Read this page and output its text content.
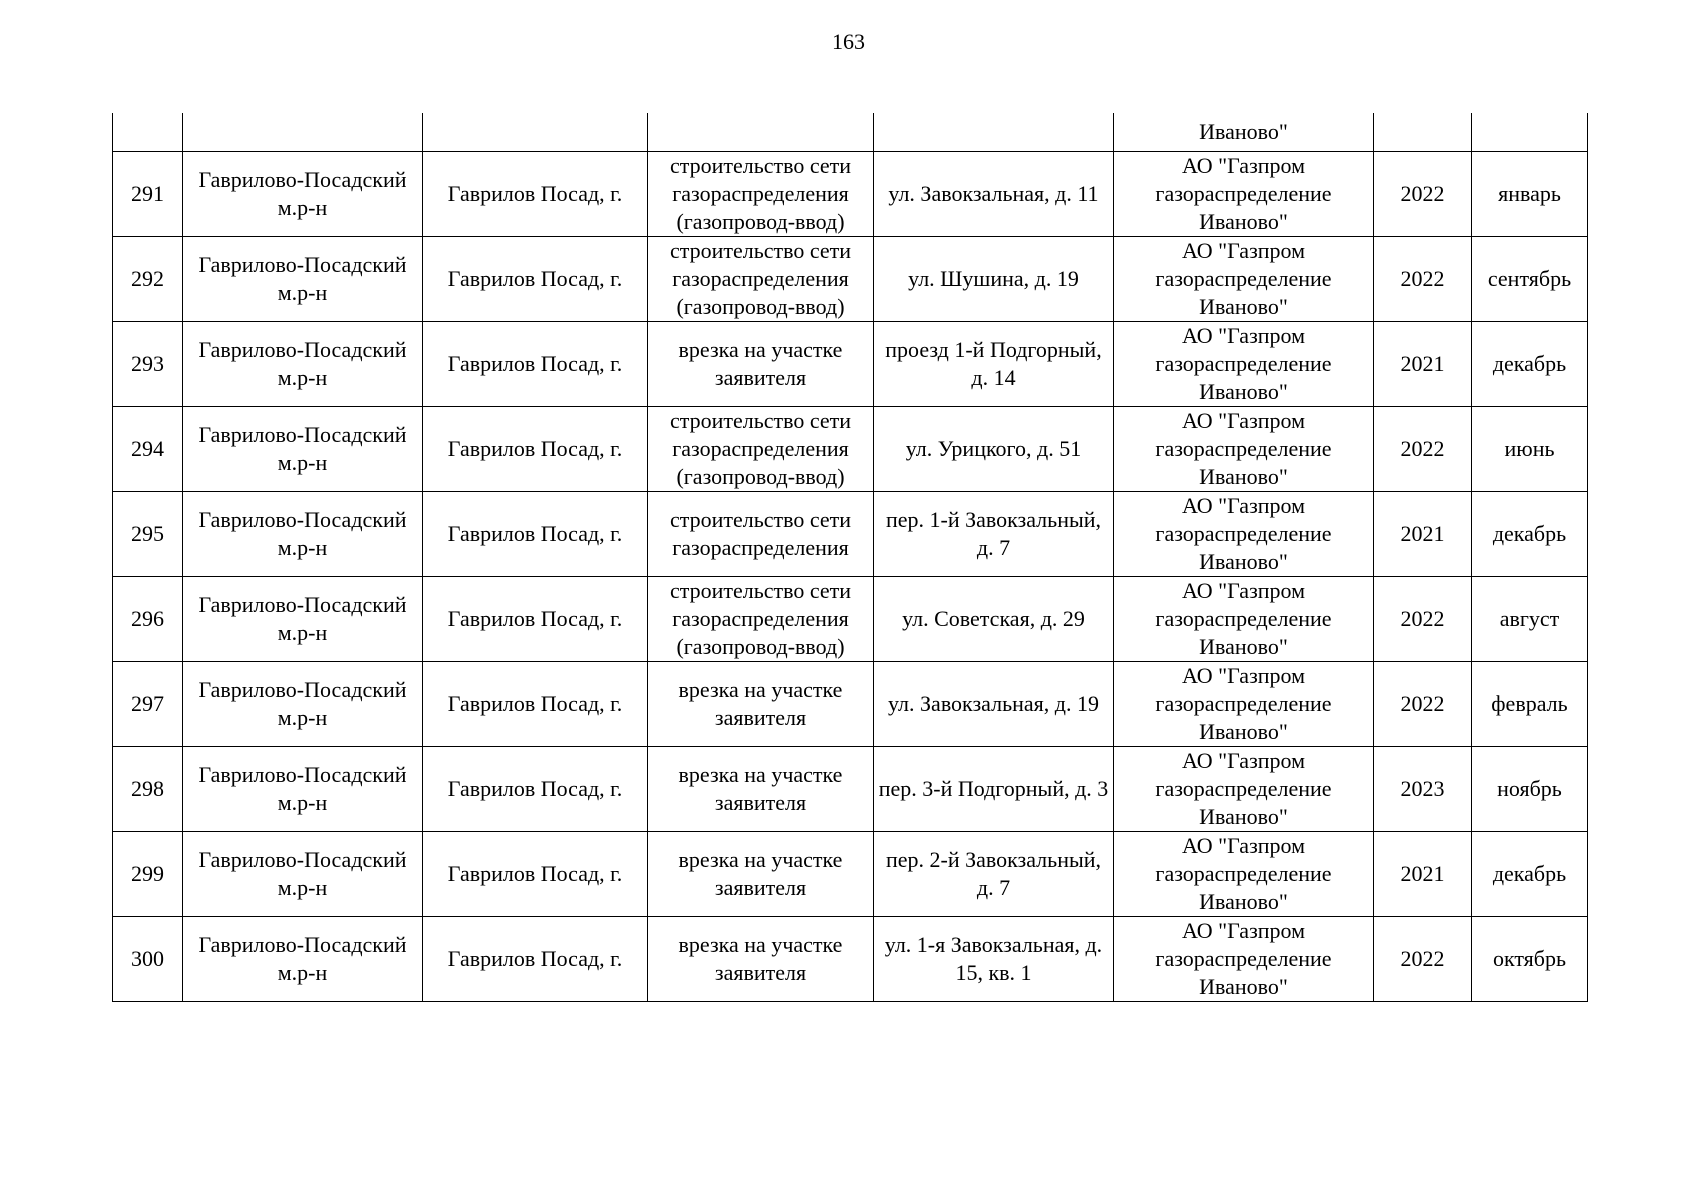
163
					Иваново"		
291	Гаврилово-Посадский м.р-н	Гаврилов Посад, г.	строительство сети газораспределения (газопровод-ввод)	ул. Завокзальная, д. 11	АО "Газпром газораспределение Иваново"	2022	январь
292	Гаврилово-Посадский м.р-н	Гаврилов Посад, г.	строительство сети газораспределения (газопровод-ввод)	ул. Шушина, д. 19	АО "Газпром газораспределение Иваново"	2022	сентябрь
293	Гаврилово-Посадский м.р-н	Гаврилов Посад, г.	врезка на участке заявителя	проезд 1-й Подгорный, д. 14	АО "Газпром газораспределение Иваново"	2021	декабрь
294	Гаврилово-Посадский м.р-н	Гаврилов Посад, г.	строительство сети газораспределения (газопровод-ввод)	ул. Урицкого, д. 51	АО "Газпром газораспределение Иваново"	2022	июнь
295	Гаврилово-Посадский м.р-н	Гаврилов Посад, г.	строительство сети газораспределения	пер. 1-й Завокзальный, д. 7	АО "Газпром газораспределение Иваново"	2021	декабрь
296	Гаврилово-Посадский м.р-н	Гаврилов Посад, г.	строительство сети газораспределения (газопровод-ввод)	ул. Советская, д. 29	АО "Газпром газораспределение Иваново"	2022	август
297	Гаврилово-Посадский м.р-н	Гаврилов Посад, г.	врезка на участке заявителя	ул. Завокзальная, д. 19	АО "Газпром газораспределение Иваново"	2022	февраль
298	Гаврилово-Посадский м.р-н	Гаврилов Посад, г.	врезка на участке заявителя	пер. 3-й Подгорный, д. 3	АО "Газпром газораспределение Иваново"	2023	ноябрь
299	Гаврилово-Посадский м.р-н	Гаврилов Посад, г.	врезка на участке заявителя	пер. 2-й Завокзальный, д. 7	АО "Газпром газораспределение Иваново"	2021	декабрь
300	Гаврилово-Посадский м.р-н	Гаврилов Посад, г.	врезка на участке заявителя	ул. 1-я Завокзальная, д. 15, кв. 1	АО "Газпром газораспределение Иваново"	2022	октябрь
